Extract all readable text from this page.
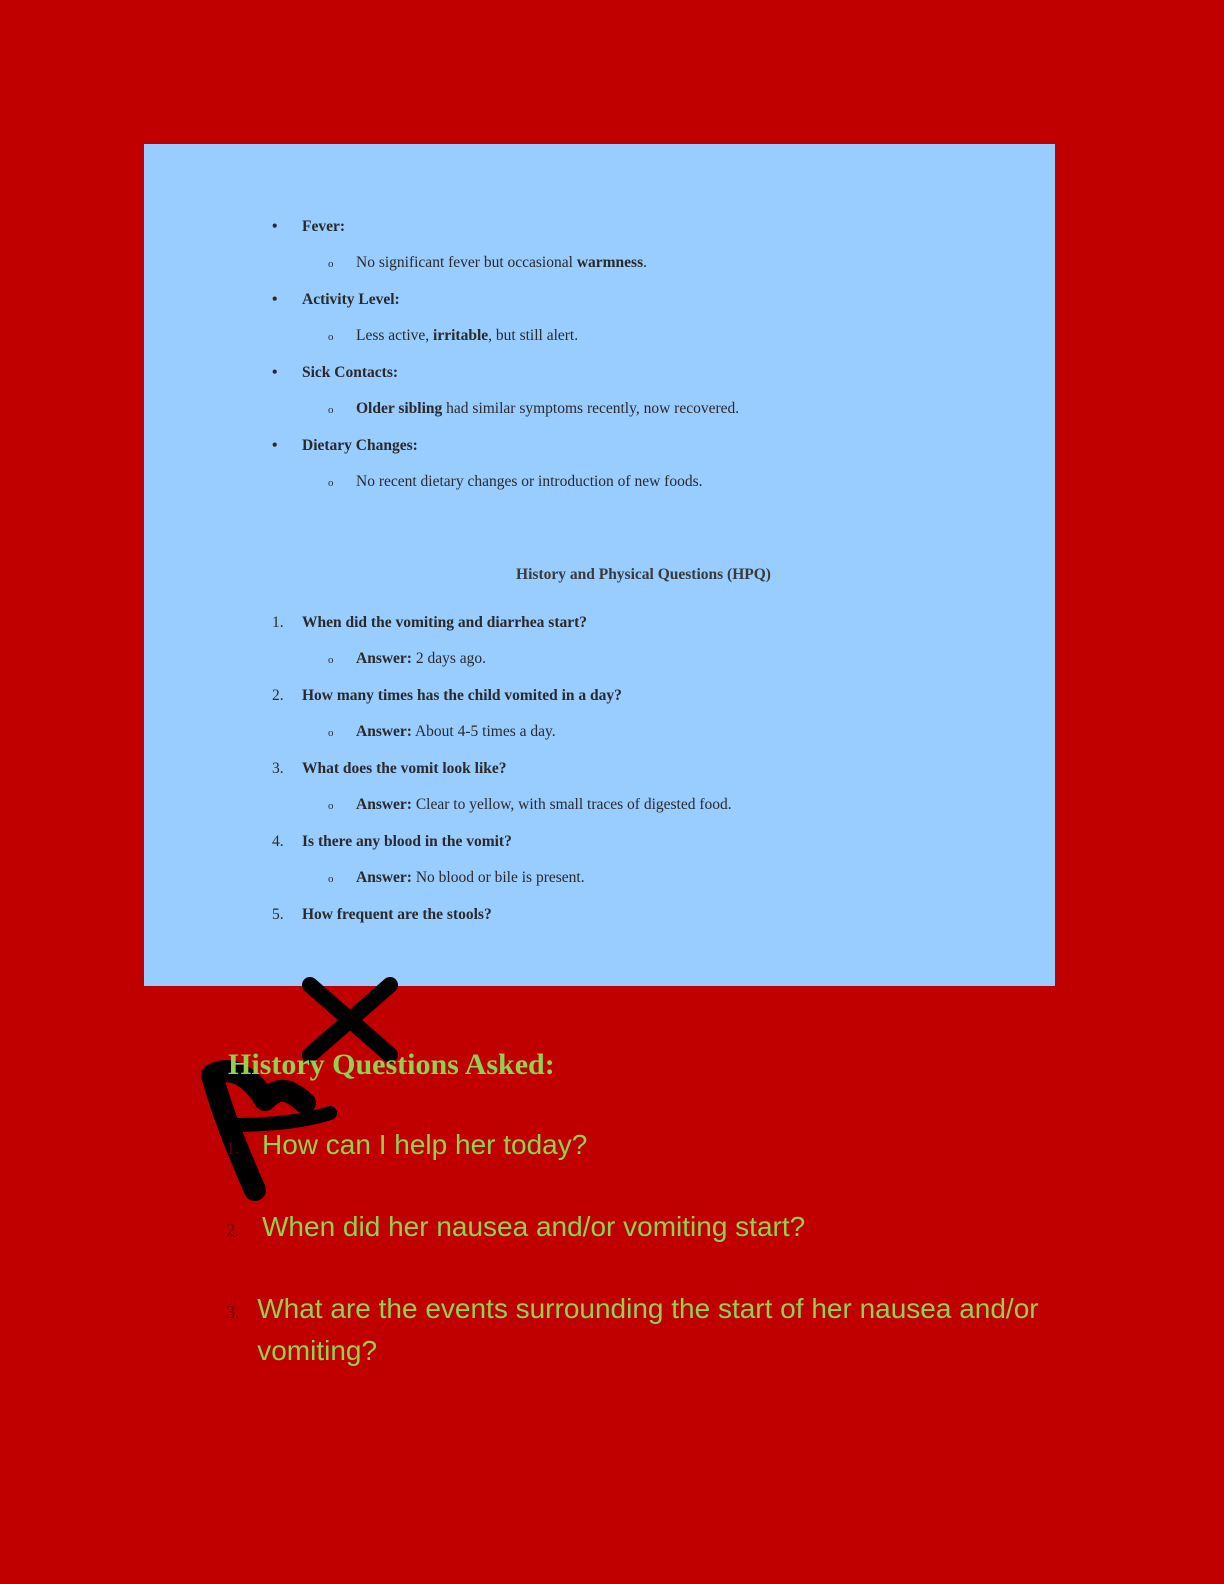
•	Fever:
o	No significant fever but occasional warmness.
•	Activity Level:
o	Less active, irritable, but still alert.
•	Sick Contacts:
o	Older sibling had similar symptoms recently, now recovered.
•	Dietary Changes:
o	No recent dietary changes or introduction of new foods.
History and Physical Questions (HPQ)
1.	When did the vomiting and diarrhea start?
o	Answer: 2 days ago.
2.	How many times has the child vomited in a day?
o	Answer: About 4-5 times a day.
3.	What does the vomit look like?
o	Answer: Clear to yellow, with small traces of digested food.
4.	Is there any blood in the vomit?
o	Answer: No blood or bile is present.
5.	How frequent are the stools?
History Questions Asked:
1. How can I help her today?
2. When did her nausea and/or vomiting start?
3. What are the events surrounding the start of her nausea and/or vomiting?
